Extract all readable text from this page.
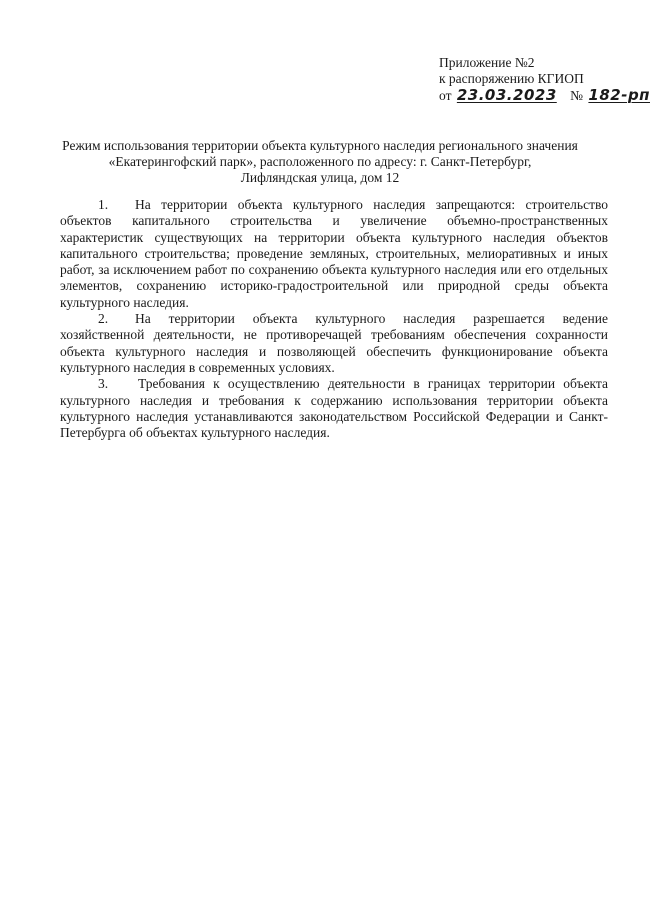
Приложение №2
к распоряжению КГИОП
от 23.03.2023 № 182-рп
Режим использования территории объекта культурного наследия регионального значения
«Екатерингофский парк», расположенного по адресу: г. Санкт-Петербург,
Лифляндская улица, дом 12

1. На территории объекта культурного наследия запрещаются: строительство объектов капитального строительства и увеличение объемно-пространственных характеристик существующих на территории объекта культурного наследия объектов капитального строительства; проведение земляных, строительных, мелиоративных и иных работ, за исключением работ по сохранению объекта культурного наследия или его отдельных элементов, сохранению историко-градостроительной или природной среды объекта культурного наследия.

2. На территории объекта культурного наследия разрешается ведение хозяйственной деятельности, не противоречащей требованиям обеспечения сохранности объекта культурного наследия и позволяющей обеспечить функционирование объекта культурного наследия в современных условиях.

3. Требования к осуществлению деятельности в границах территории объекта культурного наследия и требования к содержанию использования территории объекта культурного наследия устанавливаются законодательством Российской Федерации и Санкт-Петербурга об объектах культурного наследия.
